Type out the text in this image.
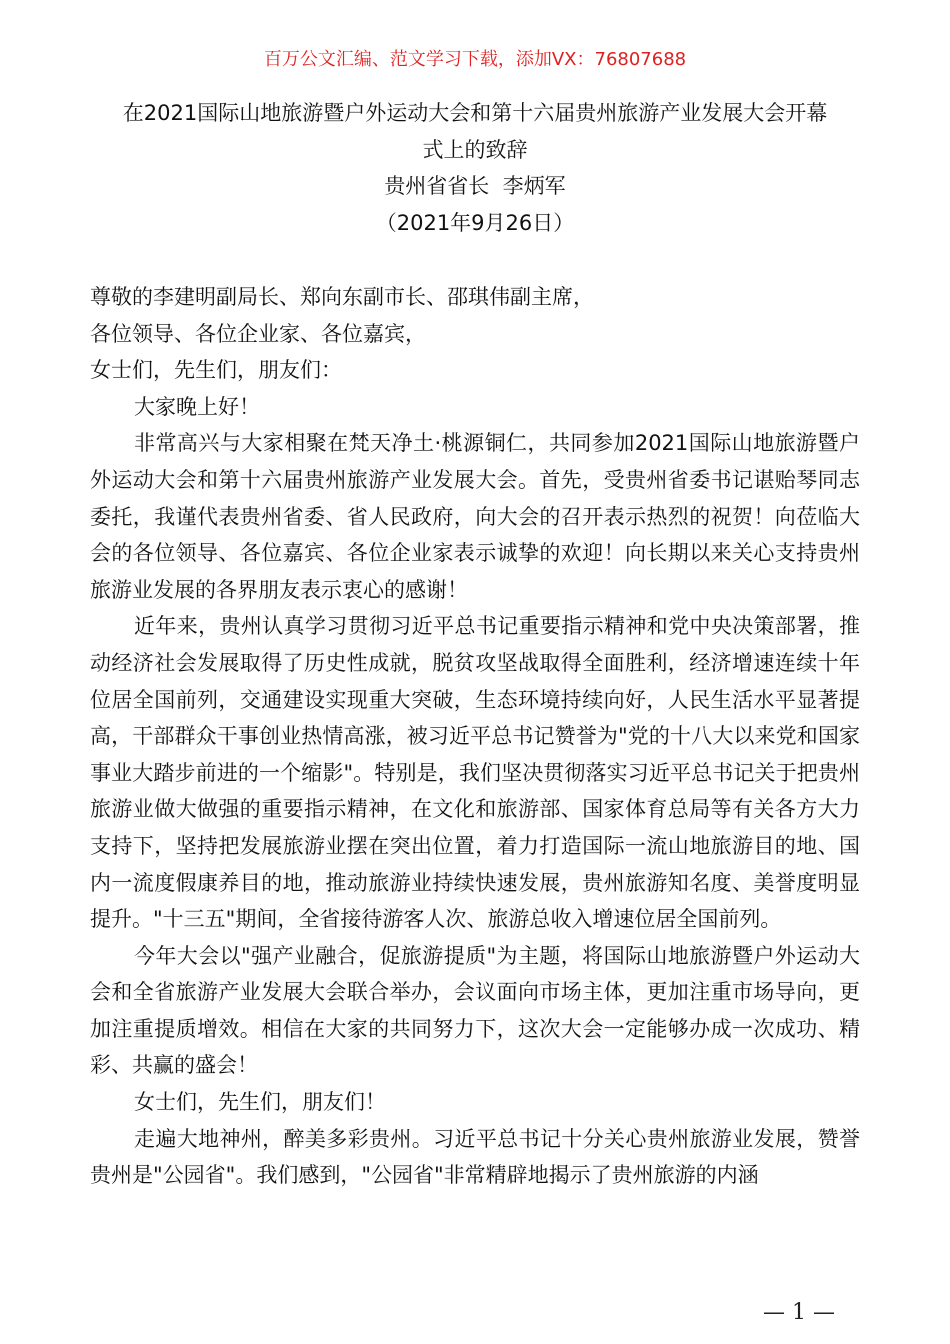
百万公文汇编、范文学习下载，添加VX：76807688
在2021国际山地旅游暨户外运动大会和第十六届贵州旅游产业发展大会开幕
式上的致辞
贵州省省长  李炳军
（2021年9月26日）

尊敬的李建明副局长、郑向东副市长、邵琪伟副主席，

各位领导、各位企业家、各位嘉宾，

女士们，先生们，朋友们：

大家晚上好！

非常高兴与大家相聚在梵天净土·桃源铜仁，共同参加2021国际山地旅游暨户外运动大会和第十六届贵州旅游产业发展大会。首先，受贵州省委书记谌贻琴同志委托，我谨代表贵州省委、省人民政府，向大会的召开表示热烈的祝贺！向莅临大会的各位领导、各位嘉宾、各位企业家表示诚挚的欢迎！向长期以来关心支持贵州旅游业发展的各界朋友表示衷心的感谢！

近年来，贵州认真学习贯彻习近平总书记重要指示精神和党中央决策部署，推动经济社会发展取得了历史性成就，脱贫攻坚战取得全面胜利，经济增速连续十年位居全国前列，交通建设实现重大突破，生态环境持续向好，人民生活水平显著提高，干部群众干事创业热情高涨，被习近平总书记赞誉为"党的十八大以来党和国家事业大踏步前进的一个缩影"。特别是，我们坚决贯彻落实习近平总书记关于把贵州旅游业做大做强的重要指示精神，在文化和旅游部、国家体育总局等有关各方大力支持下，坚持把发展旅游业摆在突出位置，着力打造国际一流山地旅游目的地、国内一流度假康养目的地，推动旅游业持续快速发展，贵州旅游知名度、美誉度明显提升。"十三五"期间，全省接待游客人次、旅游总收入增速位居全国前列。

今年大会以"强产业融合，促旅游提质"为主题，将国际山地旅游暨户外运动大会和全省旅游产业发展大会联合举办，会议面向市场主体，更加注重市场导向，更加注重提质增效。相信在大家的共同努力下，这次大会一定能够办成一次成功、精彩、共赢的盛会！

女士们，先生们，朋友们！

走遍大地神州，醉美多彩贵州。习近平总书记十分关心贵州旅游业发展，赞誉贵州是"公园省"。我们感到，"公园省"非常精辟地揭示了贵州旅游的内涵

— 1 —
